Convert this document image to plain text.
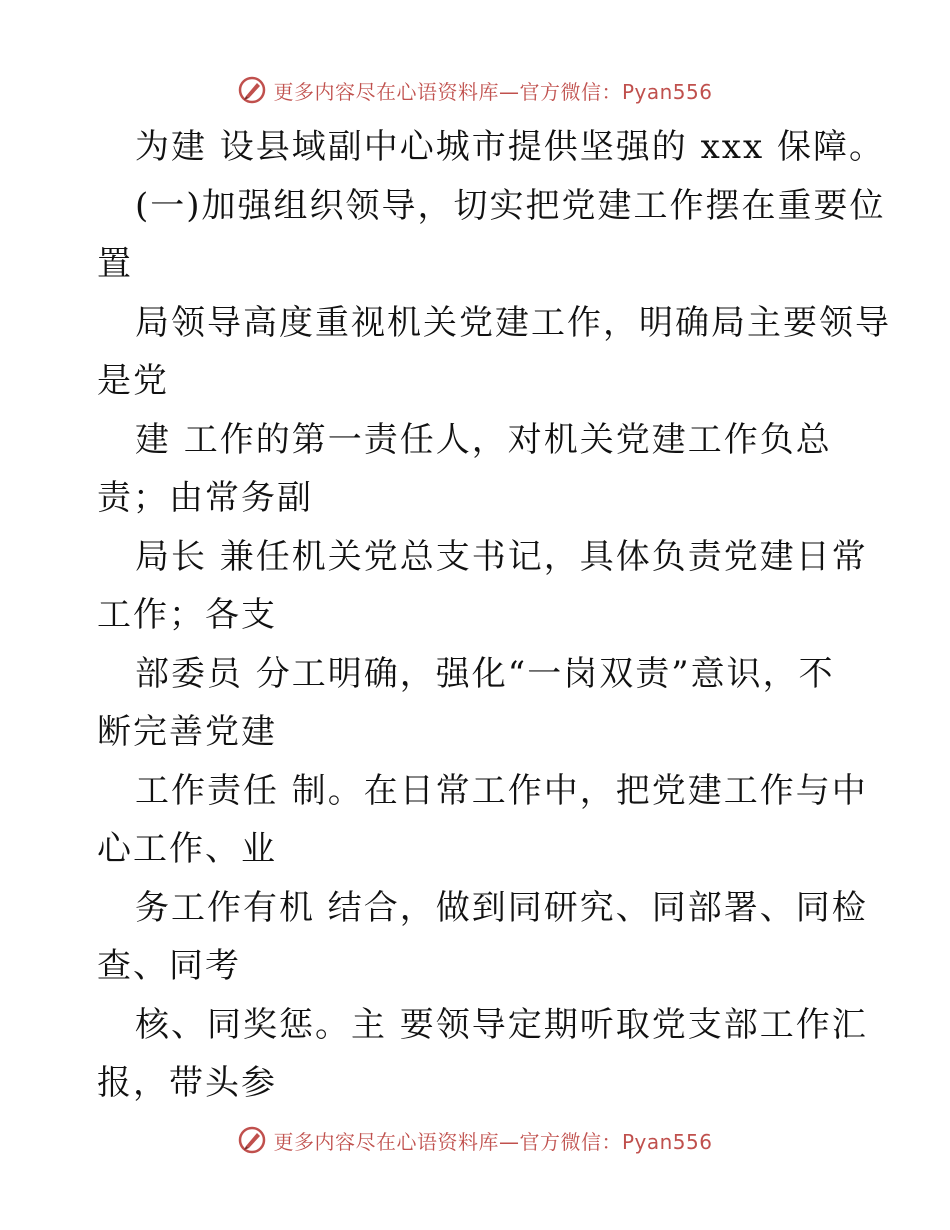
更多内容尽在心语资料库—官方微信：Pyan556
为建 设县域副中心城市提供坚强的 xxx 保障。
(一)加强组织领导，切实把党建工作摆在重要位
置
局领导高度重视机关党建工作，明确局主要领导
是党
建 工作的第一责任人，对机关党建工作负总
责；由常务副
局长 兼任机关党总支书记，具体负责党建日常
工作；各支
部委员 分工明确，强化“一岗双责”意识，不
断完善党建
工作责任 制。在日常工作中，把党建工作与中
心工作、业
务工作有机 结合，做到同研究、同部署、同检
查、同考
核、同奖惩。主 要领导定期听取党支部工作汇
报，带头参
更多内容尽在心语资料库—官方微信：Pyan556
